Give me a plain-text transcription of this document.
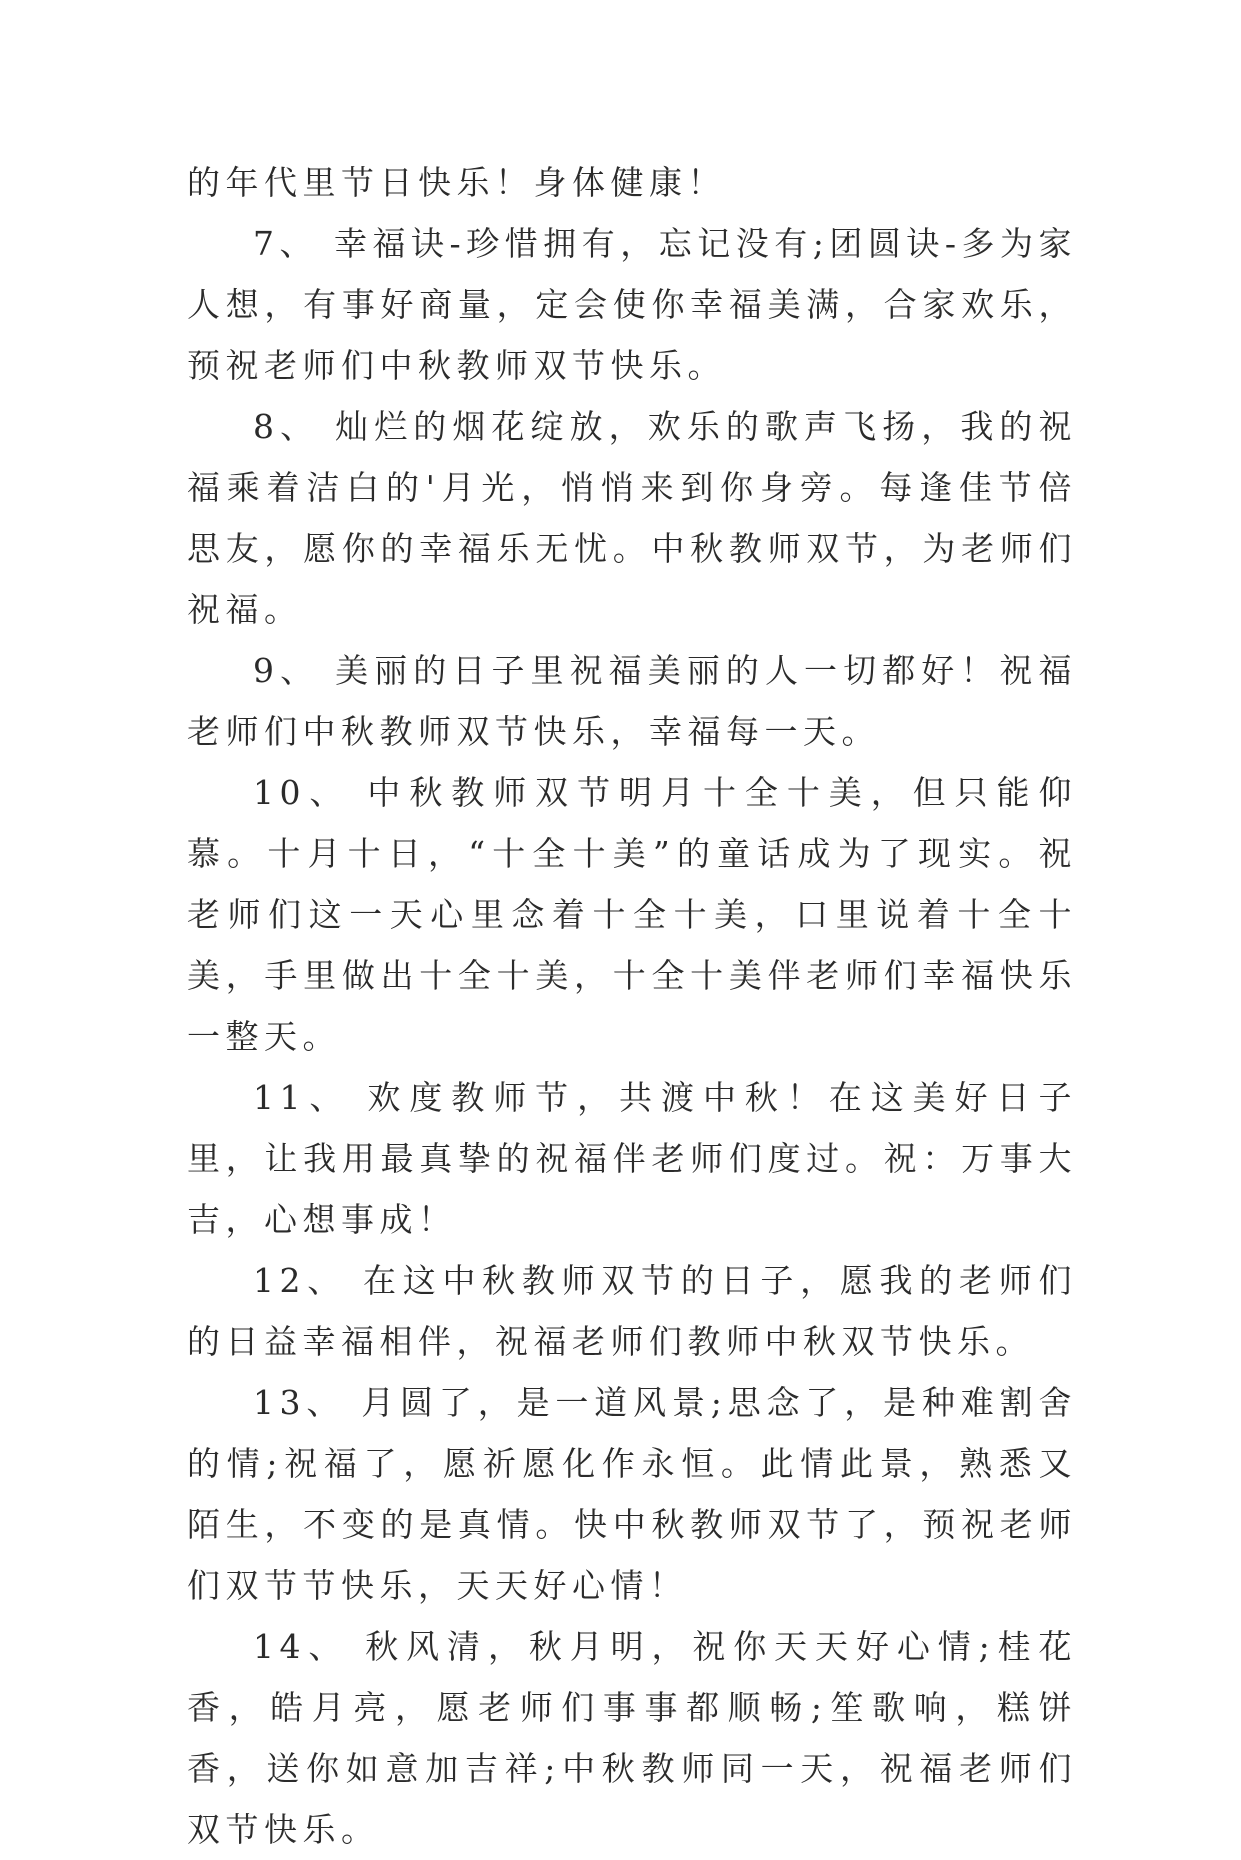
的年代里节日快乐！身体健康！

7、 幸福诀-珍惜拥有，忘记没有;团圆诀-多为家人想，有事好商量，定会使你幸福美满，合家欢乐，预祝老师们中秋教师双节快乐。

8、 灿烂的烟花绽放，欢乐的歌声飞扬，我的祝福乘着洁白的'月光，悄悄来到你身旁。每逢佳节倍思友，愿你的幸福乐无忧。中秋教师双节，为老师们祝福。

9、 美丽的日子里祝福美丽的人一切都好！祝福老师们中秋教师双节快乐，幸福每一天。

10、 中秋教师双节明月十全十美，但只能仰慕。十月十日，“十全十美”的童话成为了现实。祝老师们这一天心里念着十全十美，口里说着十全十美，手里做出十全十美，十全十美伴老师们幸福快乐一整天。

11、 欢度教师节，共渡中秋！在这美好日子里，让我用最真挚的祝福伴老师们度过。祝：万事大吉，心想事成！

12、 在这中秋教师双节的日子，愿我的老师们的日益幸福相伴，祝福老师们教师中秋双节快乐。

13、 月圆了，是一道风景;思念了，是种难割舍的情;祝福了，愿祈愿化作永恒。此情此景，熟悉又陌生，不变的是真情。快中秋教师双节了，预祝老师们双节节快乐，天天好心情！

14、 秋风清，秋月明，祝你天天好心情;桂花香，皓月亮，愿老师们事事都顺畅;笙歌响，糕饼香，送你如意加吉祥;中秋教师同一天，祝福老师们双节快乐。
